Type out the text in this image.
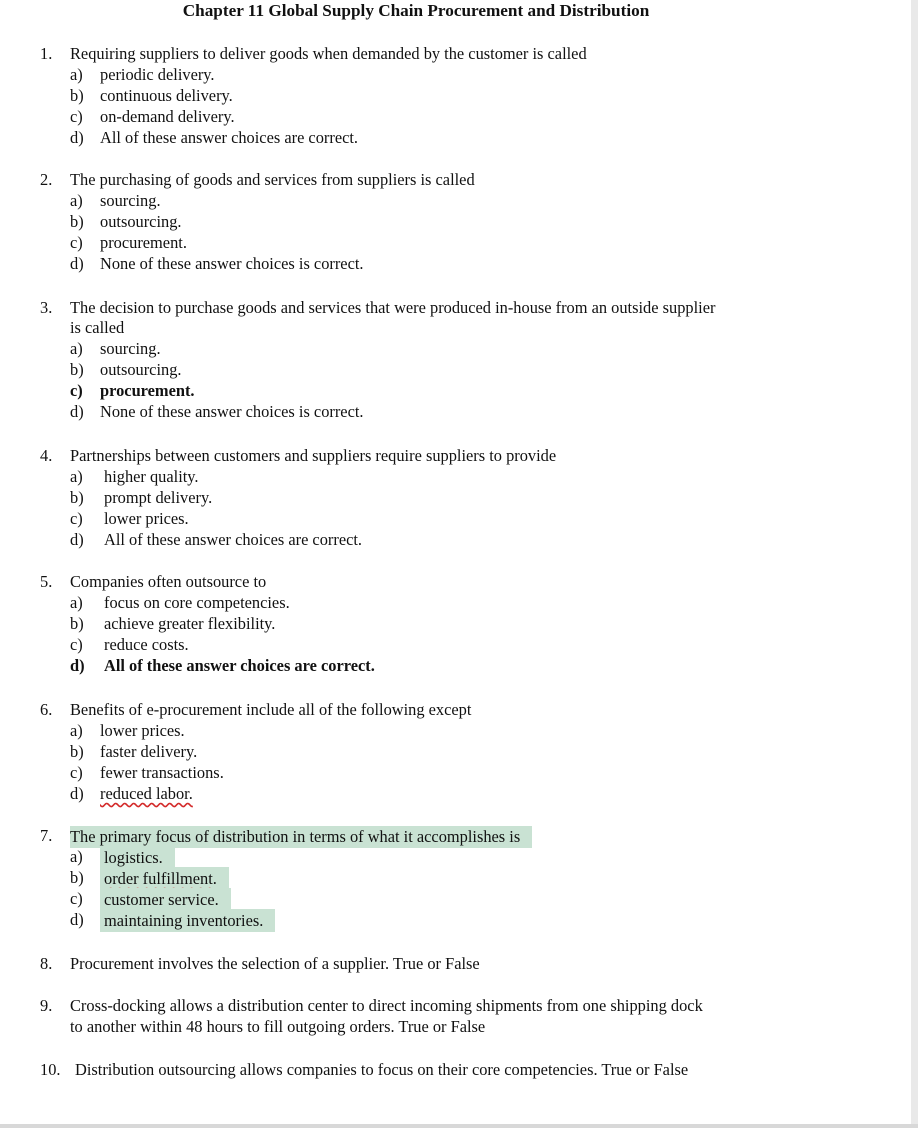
Chapter 11 Global Supply Chain Procurement and Distribution
1. Requiring suppliers to deliver goods when demanded by the customer is called
a) periodic delivery.
b) continuous delivery.
c) on-demand delivery.
d) All of these answer choices are correct.
2. The purchasing of goods and services from suppliers is called
a) sourcing.
b) outsourcing.
c) procurement.
d) None of these answer choices is correct.
3. The decision to purchase goods and services that were produced in-house from an outside supplier
is called
a) sourcing.
b) outsourcing.
c) procurement.
d) None of these answer choices is correct.
4. Partnerships between customers and suppliers require suppliers to provide
a) higher quality.
b) prompt delivery.
c) lower prices.
d) All of these answer choices are correct.
5. Companies often outsource to
a) focus on core competencies.
b) achieve greater flexibility.
c) reduce costs.
d) All of these answer choices are correct.
6. Benefits of e-procurement include all of the following except
a) lower prices.
b) faster delivery.
c) fewer transactions.
d) reduced labor.
7. The primary focus of distribution in terms of what it accomplishes is
a) logistics.
b) order fulfillment.
c) customer service.
d) maintaining inventories.
8. Procurement involves the selection of a supplier. True or False
9. Cross-docking allows a distribution center to direct incoming shipments from one shipping dock
to another within 48 hours to fill outgoing orders. True or False
10. Distribution outsourcing allows companies to focus on their core competencies. True or False
